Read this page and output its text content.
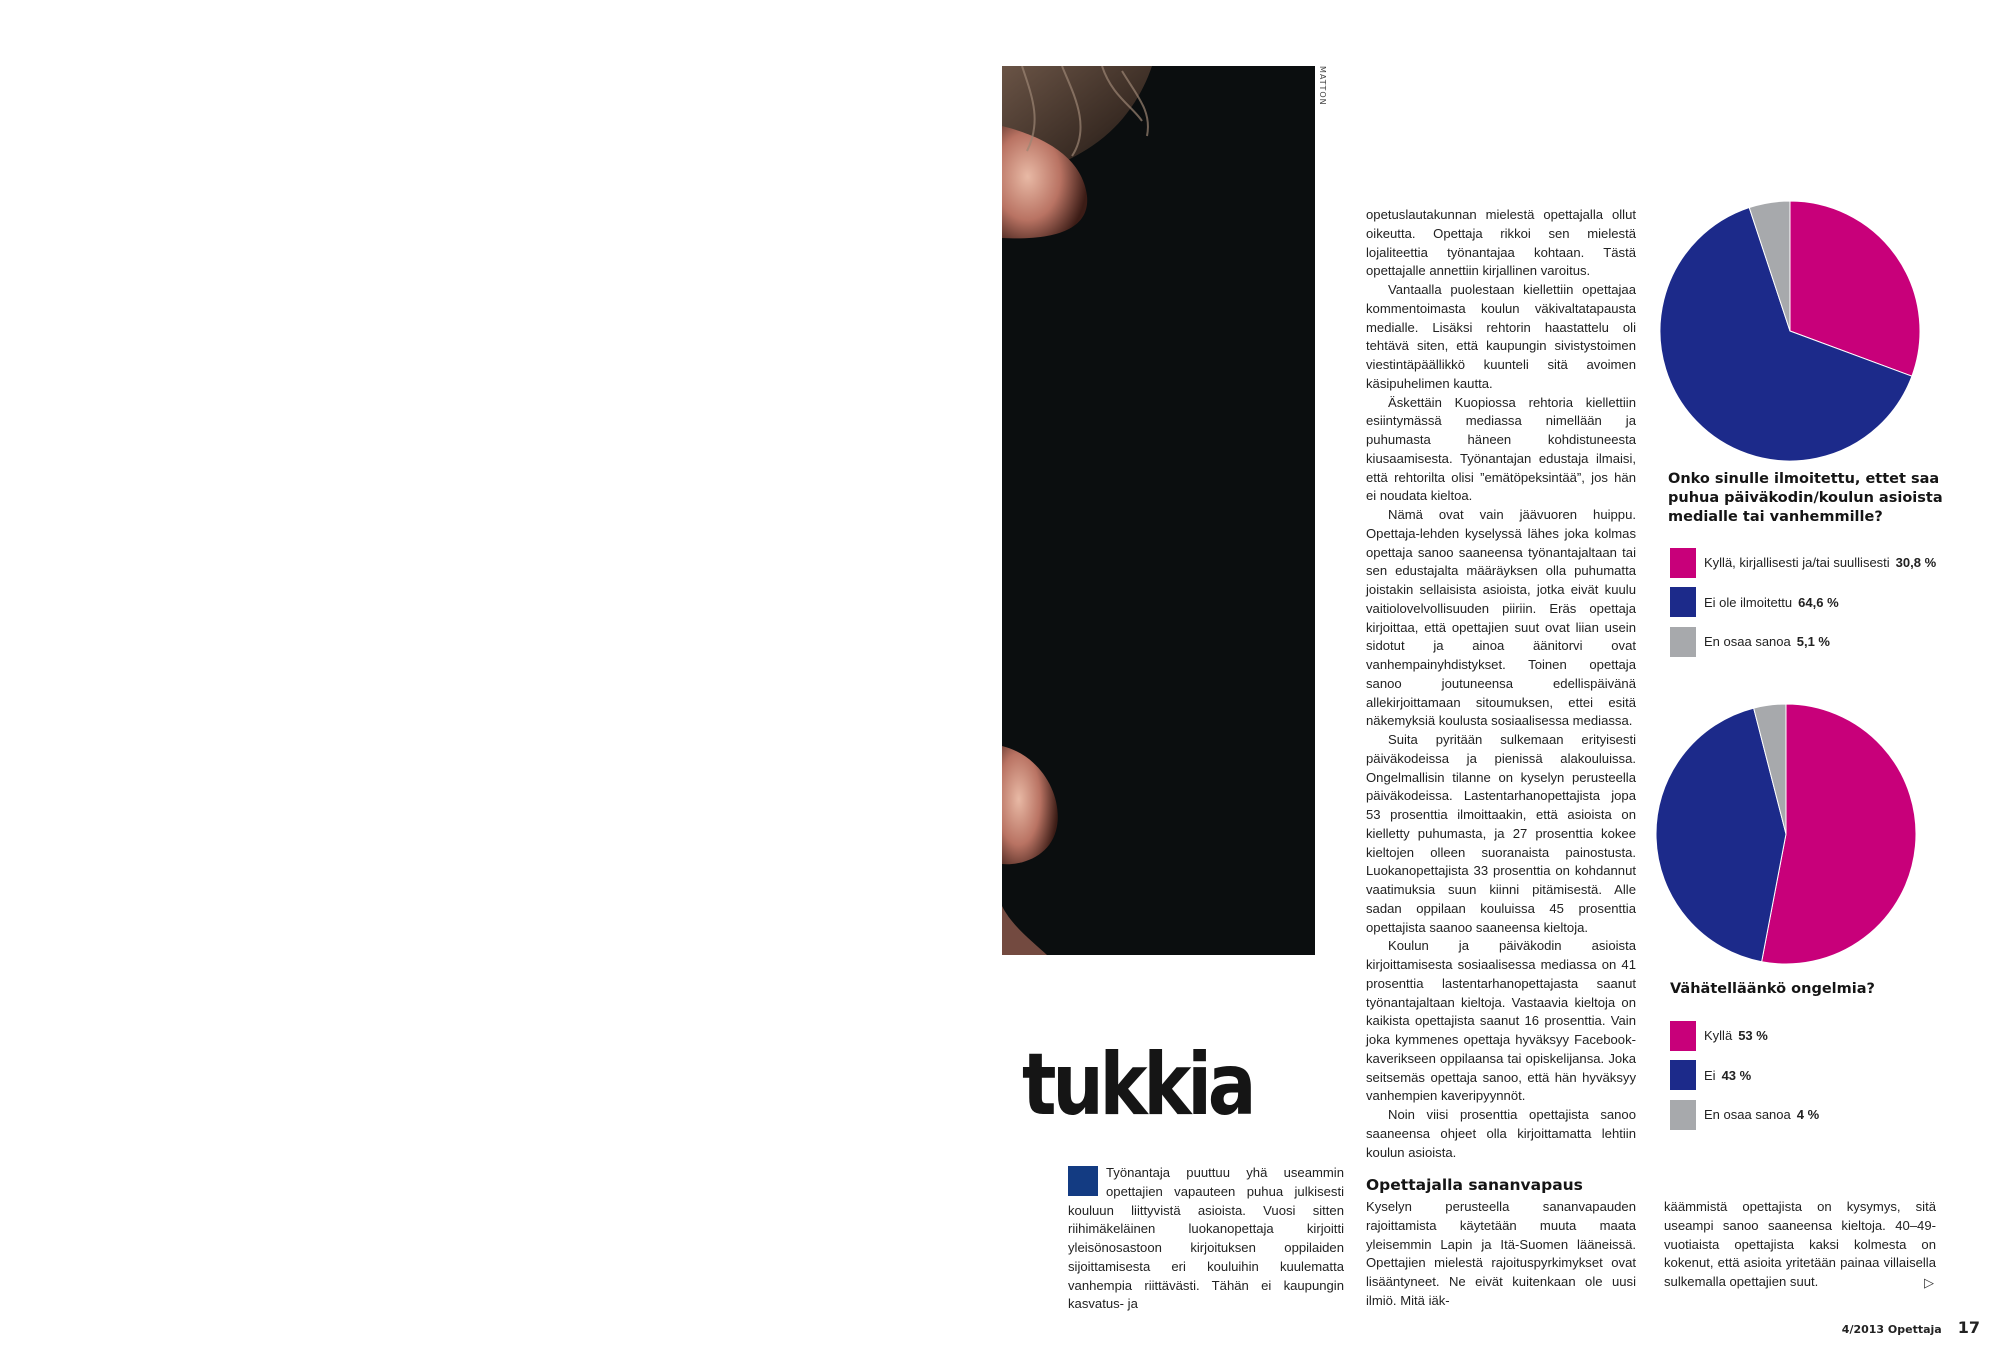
MATTON
tukkia

Työnantaja puuttuu yhä useammin opettajien vapauteen puhua julkisesti kouluun liittyvistä asioista. Vuosi sitten riihimäkeläinen luokanopettaja kirjoitti yleisönosastoon kirjoituksen oppilaiden sijoittamisesta eri kouluihin kuulematta vanhempia riittävästi. Tähän ei kaupungin kasvatus- ja

opetuslautakunnan mielestä opettajalla ollut oikeutta. Opettaja rikkoi sen mielestä lojaliteettia työnantajaa kohtaan. Tästä opettajalle annettiin kirjallinen varoitus.

Vantaalla puolestaan kiellettiin opettajaa kommentoimasta koulun väkivaltatapausta medialle. Lisäksi rehtorin haastattelu oli tehtävä siten, että kaupungin sivistystoimen viestintäpäällikkö kuunteli sitä avoimen käsipuhelimen kautta.

Äskettäin Kuopiossa rehtoria kiellettiin esiintymässä mediassa nimellään ja puhumasta häneen kohdistuneesta kiusaamisesta. Työnantajan edustaja ilmaisi, että rehtorilta olisi ”emätöpeksintää”, jos hän ei noudata kieltoa.

Nämä ovat vain jäävuoren huippu. Opettaja-lehden kyselyssä lähes joka kolmas opettaja sanoo saaneensa työnantajaltaan tai sen edustajalta määräyksen olla puhumatta joistakin sellaisista asioista, jotka eivät kuulu vaitiolovelvollisuuden piiriin. Eräs opettaja kirjoittaa, että opettajien suut ovat liian usein sidotut ja ainoa äänitorvi ovat vanhempainyhdistykset. Toinen opettaja sanoo joutuneensa edellispäivänä allekirjoittamaan sitoumuksen, ettei esitä näkemyksiä koulusta sosiaalisessa mediassa.

Suita pyritään sulkemaan erityisesti päiväkodeissa ja pienissä alakouluissa. Ongelmallisin tilanne on kyselyn perusteella päiväkodeissa. Lastentarhanopettajista jopa 53 prosenttia ilmoittaakin, että asioista on kielletty puhumasta, ja 27 prosenttia kokee kieltojen olleen suoranaista painostusta. Luokanopettajista 33 prosenttia on kohdannut vaatimuksia suun kiinni pitämisestä. Alle sadan oppilaan kouluissa 45 prosenttia opettajista saanoo saaneensa kieltoja.

Koulun ja päiväkodin asioista kirjoittamisesta sosiaalisessa mediassa on 41 prosenttia lastentarhanopettajasta saanut työnantajaltaan kieltoja. Vastaavia kieltoja on kaikista opettajista saanut 16 prosenttia. Vain joka kymmenes opettaja hyväksyy Facebook-kaverikseen oppilaansa tai opiskelijansa. Joka seitsemäs opettaja sanoo, että hän hyväksyy vanhempien kaveripyynnöt.

Noin viisi prosenttia opettajista sanoo saaneensa ohjeet olla kirjoittamatta lehtiin koulun asioista.

Opettajalla sananvapaus

Kyselyn perusteella sananvapauden rajoittamista käytetään muuta maata yleisemmin Lapin ja Itä-Suomen lääneissä. Opettajien mielestä rajoituspyrkimykset ovat lisääntyneet. Ne eivät kuitenkaan ole uusi ilmiö. Mitä iäk-

käämmistä opettajista on kysymys, sitä useampi sanoo saaneensa kieltoja. 40–49-vuotiaista opettajista kaksi kolmesta on kokenut, että asioita yritetään painaa villaisella sulkemalla opettajien suut.	▷
Onko sinulle ilmoitettu, ettet saa puhua päiväkodin/koulun asioista medialle tai vanhemmille?
Kyllä, kirjallisesti ja/tai suullisesti 30,8 %
Ei ole ilmoitettu 64,6 %
En osaa sanoa 5,1 %
Vähätelläänkö ongelmia?
Kyllä 53 %
Ei 43 %
En osaa sanoa 4 %
4/2013 Opettaja 17
